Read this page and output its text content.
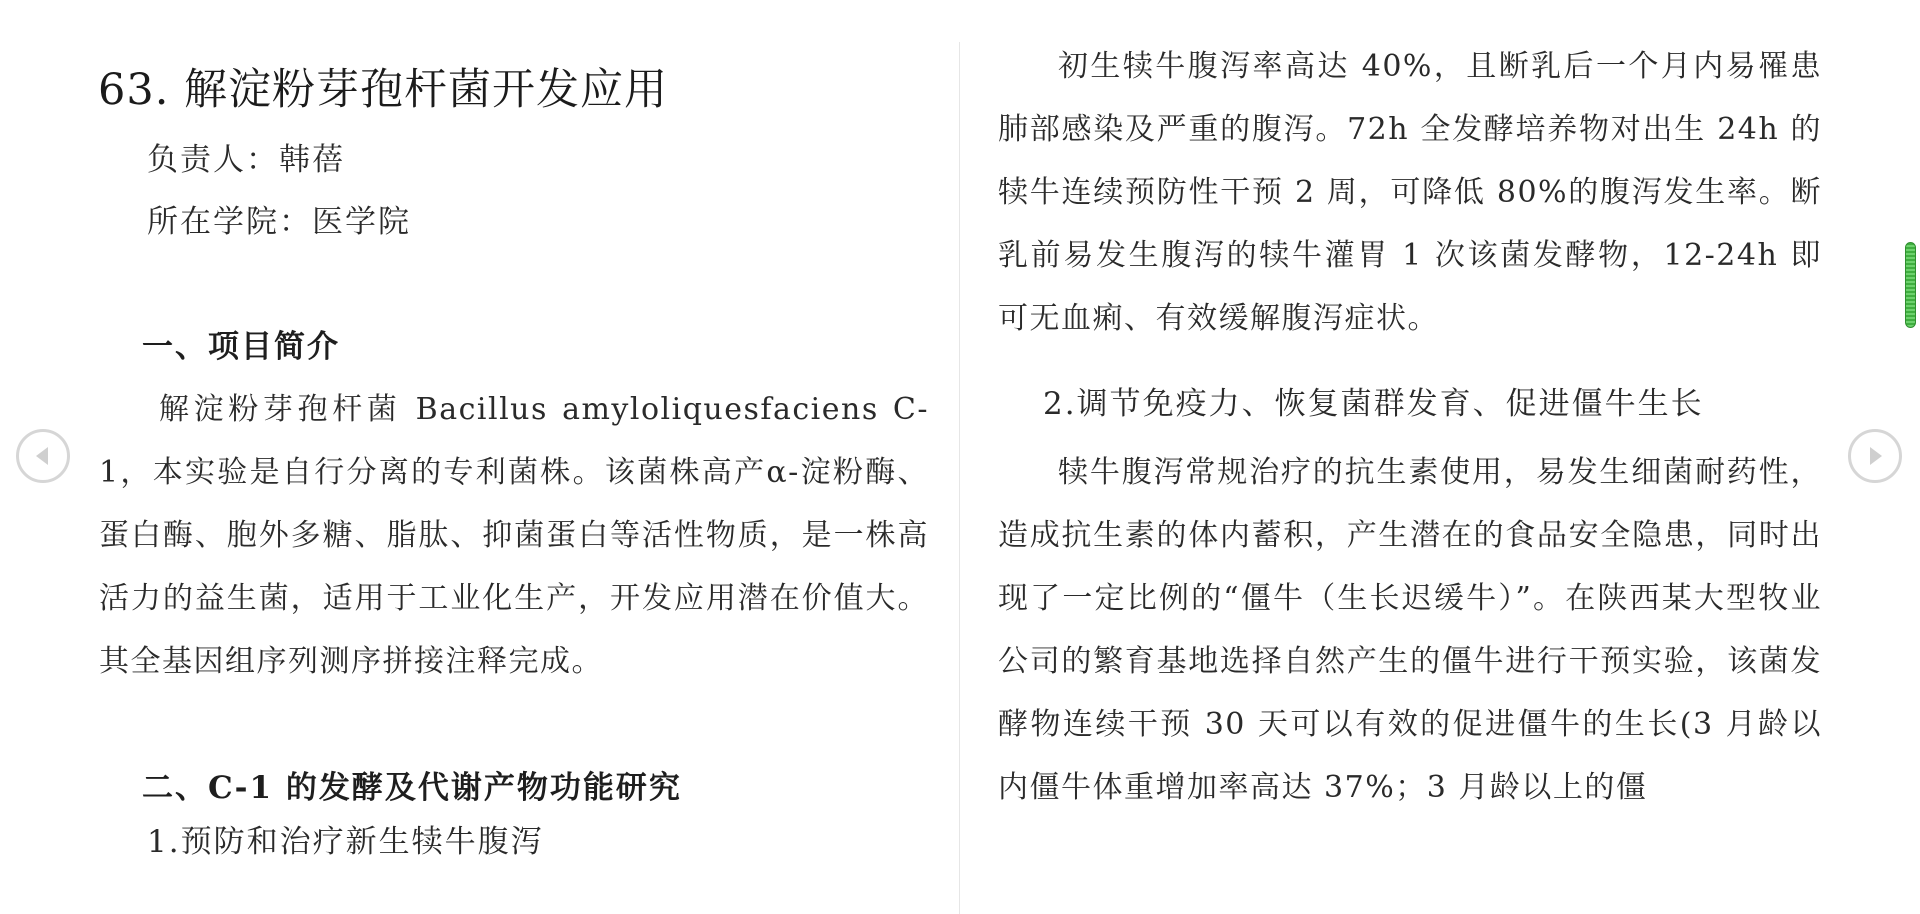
63. 解淀粉芽孢杆菌开发应用
负责人：韩蓓
所在学院：医学院
一、项目简介
解淀粉芽孢杆菌 Bacillus amyloliquesfaciens C-1，本实验是自行分离的专利菌株。该菌株高产α-淀粉酶、蛋白酶、胞外多糖、脂肽、抑菌蛋白等活性物质，是一株高活力的益生菌，适用于工业化生产，开发应用潜在价值大。其全基因组序列测序拼接注释完成。
二、C-1 的发酵及代谢产物功能研究
1.预防和治疗新生犊牛腹泻
初生犊牛腹泻率高达 40%，且断乳后一个月内易罹患肺部感染及严重的腹泻。72h 全发酵培养物对出生 24h 的犊牛连续预防性干预 2 周，可降低 80%的腹泻发生率。断乳前易发生腹泻的犊牛灌胃 1 次该菌发酵物，12-24h 即可无血痢、有效缓解腹泻症状。
2.调节免疫力、恢复菌群发育、促进僵牛生长
犊牛腹泻常规治疗的抗生素使用，易发生细菌耐药性，造成抗生素的体内蓄积，产生潜在的食品安全隐患，同时出现了一定比例的“僵牛（生长迟缓牛）”。在陕西某大型牧业公司的繁育基地选择自然产生的僵牛进行干预实验，该菌发酵物连续干预 30 天可以有效的促进僵牛的生长(3 月龄以内僵牛体重增加率高达 37%；3 月龄以上的僵
